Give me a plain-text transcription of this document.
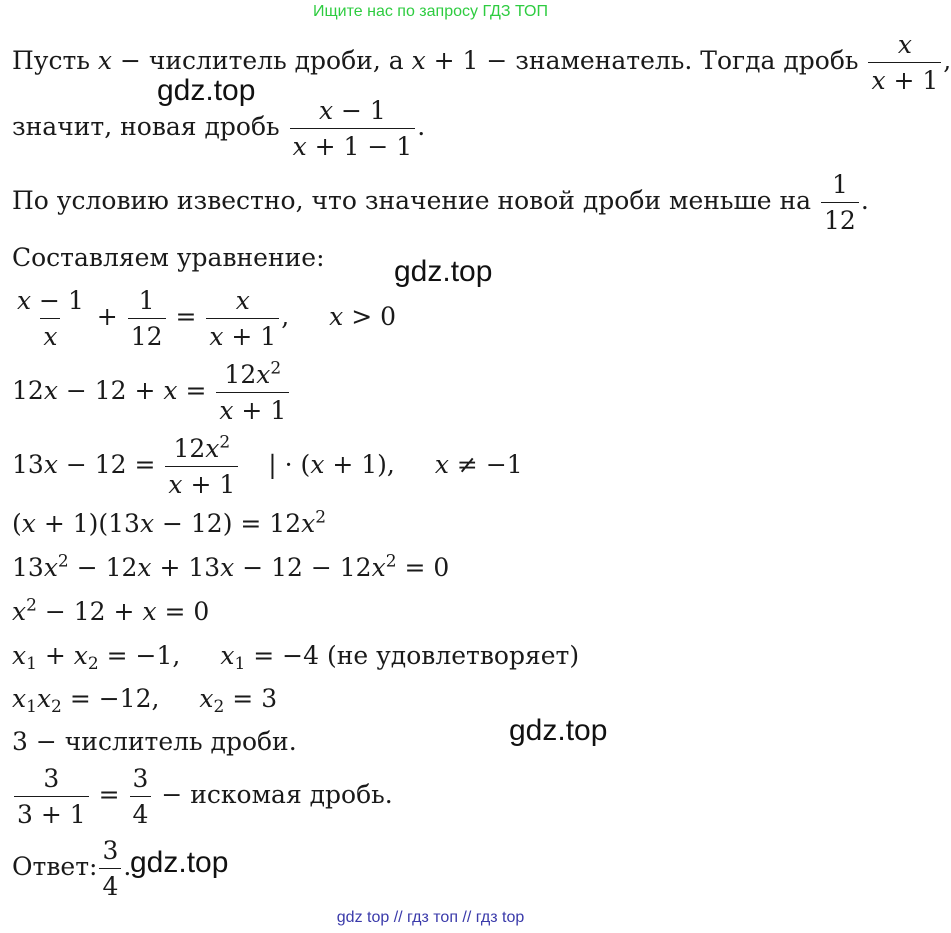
Ищите нас по запросу ГДЗ ТОП
Пусть x − числитель дроби, а x + 1 − знаменатель. Тогда дробь $\frac{x}{x + 1}$ ,
gdz.top
значит, новая дробь $\frac{x - 1}{x + 1 - 1}$ .
По условию известно, что значение новой дроби меньше на $\frac{1}{12}$ .
Составляем уравнение: gdz.top
$\frac{x - 1}{x} + \frac{1}{12} = \frac{x}{x + 1}$ , x > 0
$12x - 12 + x = \frac{12x^2}{x + 1}$
$13x - 12 = \frac{12x^2}{x + 1}$ | · (x + 1), x ≠ −1
$(x + 1)(13x - 12) = 12x^2$
$13x^2 - 12x + 13x - 12 - 12x^2 = 0$
$x^2 - 12 + x = 0$
$x_1 + x_2 = -1$, $x_1 = -4$ (не удовлетворяет)
$x_1x_2 = -12$, $x_2 = 3$
3 − числитель дроби.	gdz.top
$\frac{3}{3 + 1} = \frac{3}{4}$ − искомая дробь.
Ответ: $\frac{3}{4}$ .
gdz.top
gdz top // гдз топ // гдз top
